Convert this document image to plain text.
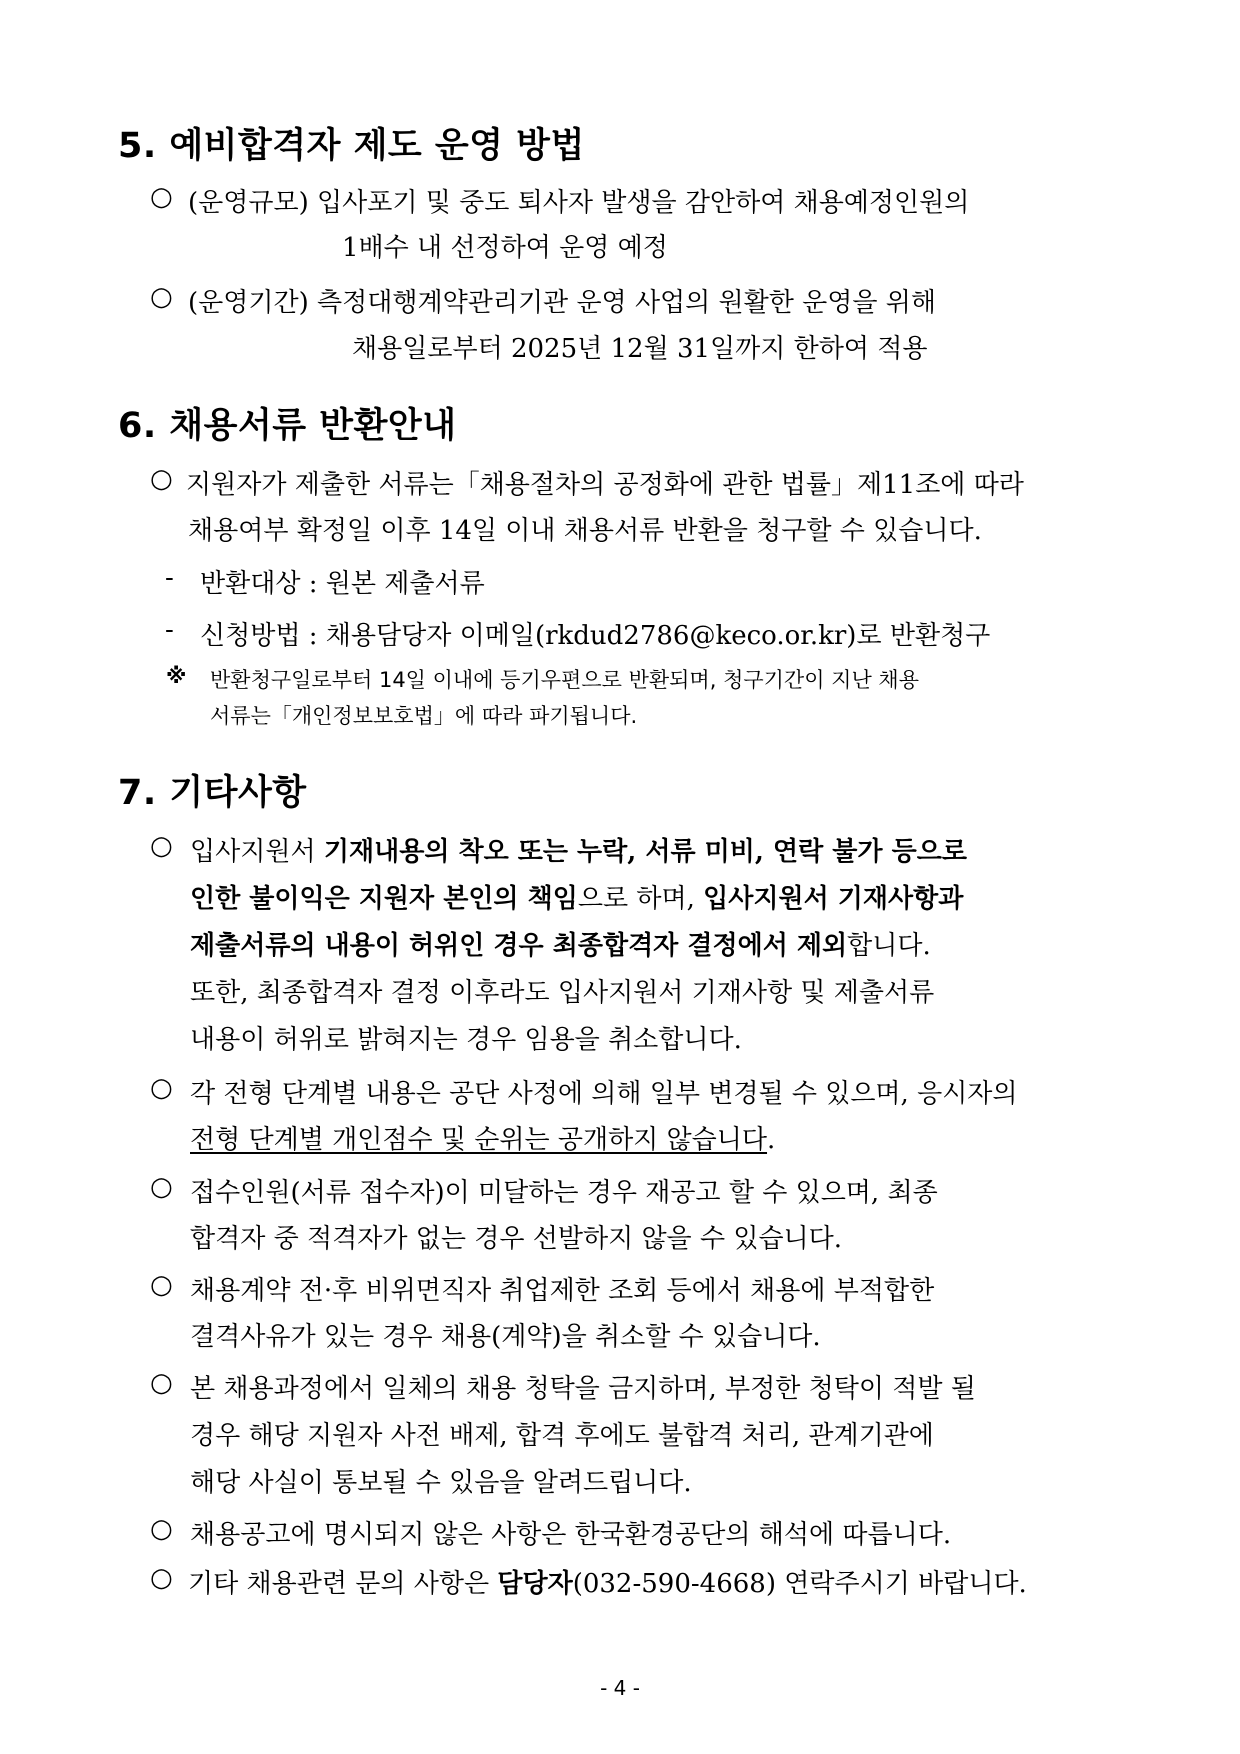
5. 예비합격자 제도 운영 방법
○ (운영규모) 입사포기 및 중도 퇴사자 발생을 감안하여 채용예정인원의
1배수 내 선정하여 운영 예정
○ (운영기간) 측정대행계약관리기관 운영 사업의 원활한 운영을 위해
채용일로부터 2025년 12월 31일까지 한하여 적용
6. 채용서류 반환안내
○ 지원자가 제출한 서류는「채용절차의 공정화에 관한 법률」제11조에 따라
채용여부 확정일 이후 14일 이내 채용서류 반환을 청구할 수 있습니다.
- 반환대상 : 원본 제출서류
- 신청방법 : 채용담당자 이메일(rkdud2786@keco.or.kr)로 반환청구
※ 반환청구일로부터 14일 이내에 등기우편으로 반환되며, 청구기간이 지난 채용
서류는「개인정보보호법」에 따라 파기됩니다.
7. 기타사항
○ 입사지원서 기재내용의 착오 또는 누락, 서류 미비, 연락 불가 등으로
인한 불이익은 지원자 본인의 책임으로 하며, 입사지원서 기재사항과
제출서류의 내용이 허위인 경우 최종합격자 결정에서 제외합니다.
또한, 최종합격자 결정 이후라도 입사지원서 기재사항 및 제출서류
내용이 허위로 밝혀지는 경우 임용을 취소합니다.
○ 각 전형 단계별 내용은 공단 사정에 의해 일부 변경될 수 있으며, 응시자의
전형 단계별 개인점수 및 순위는 공개하지 않습니다.
○ 접수인원(서류 접수자)이 미달하는 경우 재공고 할 수 있으며, 최종
합격자 중 적격자가 없는 경우 선발하지 않을 수 있습니다.
○ 채용계약 전·후 비위면직자 취업제한 조회 등에서 채용에 부적합한
결격사유가 있는 경우 채용(계약)을 취소할 수 있습니다.
○ 본 채용과정에서 일체의 채용 청탁을 금지하며, 부정한 청탁이 적발 될
경우 해당 지원자 사전 배제, 합격 후에도 불합격 처리, 관계기관에
해당 사실이 통보될 수 있음을 알려드립니다.
○ 채용공고에 명시되지 않은 사항은 한국환경공단의 해석에 따릅니다.
○ 기타 채용관련 문의 사항은 담당자(032-590-4668) 연락주시기 바랍니다.
- 4 -
